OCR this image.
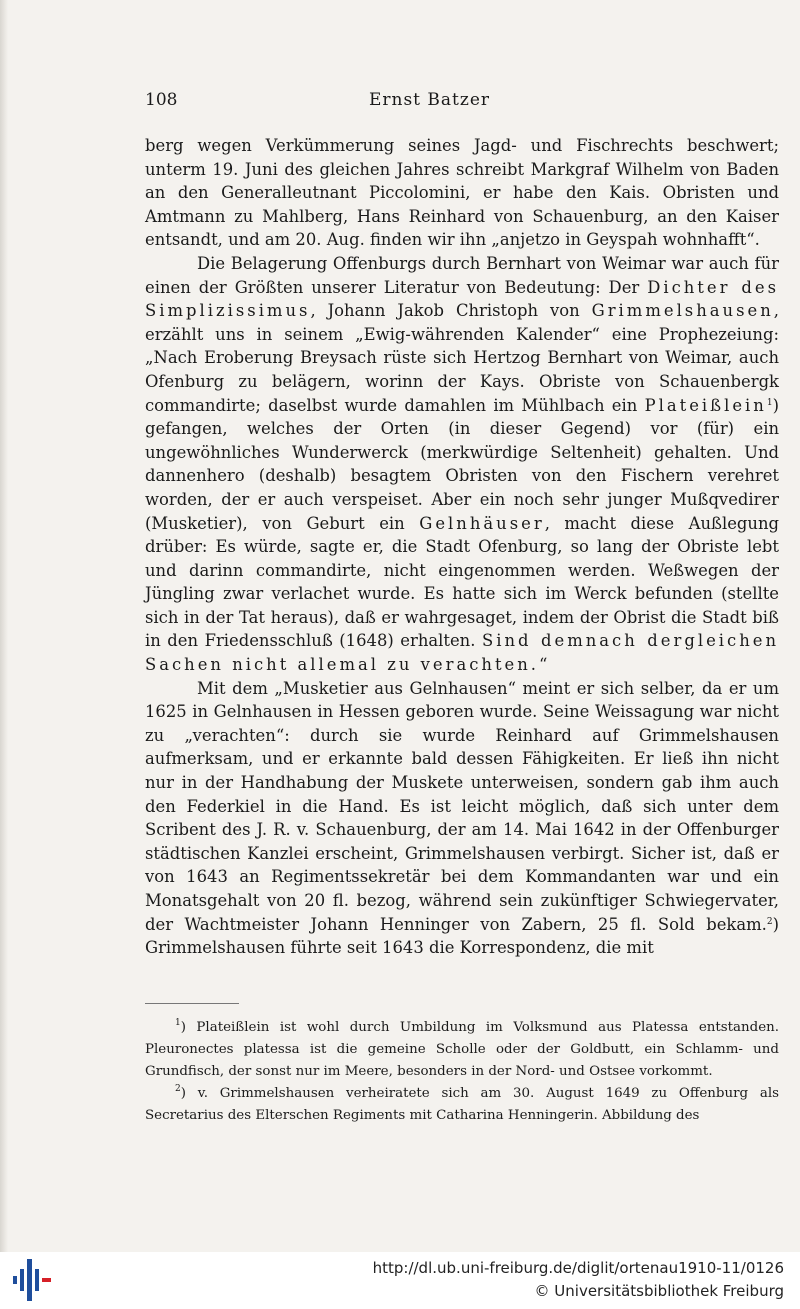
108	Ernst Batzer

berg wegen Verkümmerung seines Jagd- und Fischrechts beschwert; unterm 19. Juni des gleichen Jahres schreibt Markgraf Wilhelm von Baden an den Generalleutnant Piccolomini, er habe den Kais. Obristen und Amtmann zu Mahlberg, Hans Reinhard von Schauenburg, an den Kaiser entsandt, und am 20. Aug. finden wir ihn „anjetzo in Geyspah wohnhafft“.

Die Belagerung Offenburgs durch Bernhart von Weimar war auch für einen der Größten unserer Literatur von Bedeutung: Der Dichter des Simplizissimus, Johann Jakob Christoph von Grimmelshausen, erzählt uns in seinem „Ewig-währenden Kalender“ eine Prophezeiung: „Nach Eroberung Breysach rüste sich Hertzog Bernhart von Weimar, auch Ofenburg zu belägern, worinn der Kays. Obriste von Schauenbergk commandirte; daselbst wurde damahlen im Mühlbach ein Plateißlein$^1$) gefangen, welches der Orten (in dieser Gegend) vor (für) ein ungewöhnliches Wunderwerck (merkwürdige Seltenheit) gehalten. Und dannenhero (deshalb) besagtem Obristen von den Fischern verehret worden, der er auch verspeiset. Aber ein noch sehr junger Mußqvedirer (Musketier), von Geburt ein Gelnhäuser, macht diese Außlegung drüber: Es würde, sagte er, die Stadt Ofenburg, so lang der Obriste lebt und darinn commandirte, nicht eingenommen werden. Weßwegen der Jüngling zwar verlachet wurde. Es hatte sich im Werck befunden (stellte sich in der Tat heraus), daß er wahrgesaget, indem der Obrist die Stadt biß in den Friedensschluß (1648) erhalten. Sind demnach dergleichen Sachen nicht allemal zu verachten.“

Mit dem „Musketier aus Gelnhausen“ meint er sich selber, da er um 1625 in Gelnhausen in Hessen geboren wurde. Seine Weissagung war nicht zu „verachten“: durch sie wurde Reinhard auf Grimmelshausen aufmerksam, und er erkannte bald dessen Fähigkeiten. Er ließ ihn nicht nur in der Handhabung der Muskete unterweisen, sondern gab ihm auch den Federkiel in die Hand. Es ist leicht möglich, daß sich unter dem Scribent des J. R. v. Schauenburg, der am 14. Mai 1642 in der Offenburger städtischen Kanzlei erscheint, Grimmelshausen verbirgt. Sicher ist, daß er von 1643 an Regimentssekretär bei dem Kommandanten war und ein Monatsgehalt von 20 fl. bezog, während sein zukünftiger Schwiegervater, der Wachtmeister Johann Henninger von Zabern, 25 fl. Sold bekam.$^2$) Grimmelshausen führte seit 1643 die Korrespondenz, die mit

$^1$) Plateißlein ist wohl durch Umbildung im Volksmund aus Platessa entstanden. Pleuronectes platessa ist die gemeine Scholle oder der Goldbutt, ein Schlamm- und Grundfisch, der sonst nur im Meere, besonders in der Nord- und Ostsee vorkommt.

$^2$) v. Grimmelshausen verheiratete sich am 30. August 1649 zu Offenburg als Secretarius des Elterschen Regiments mit Catharina Henningerin. Abbildung des

http://dl.ub.uni-freiburg.de/diglit/ortenau1910-11/0126
© Universitätsbibliothek Freiburg
